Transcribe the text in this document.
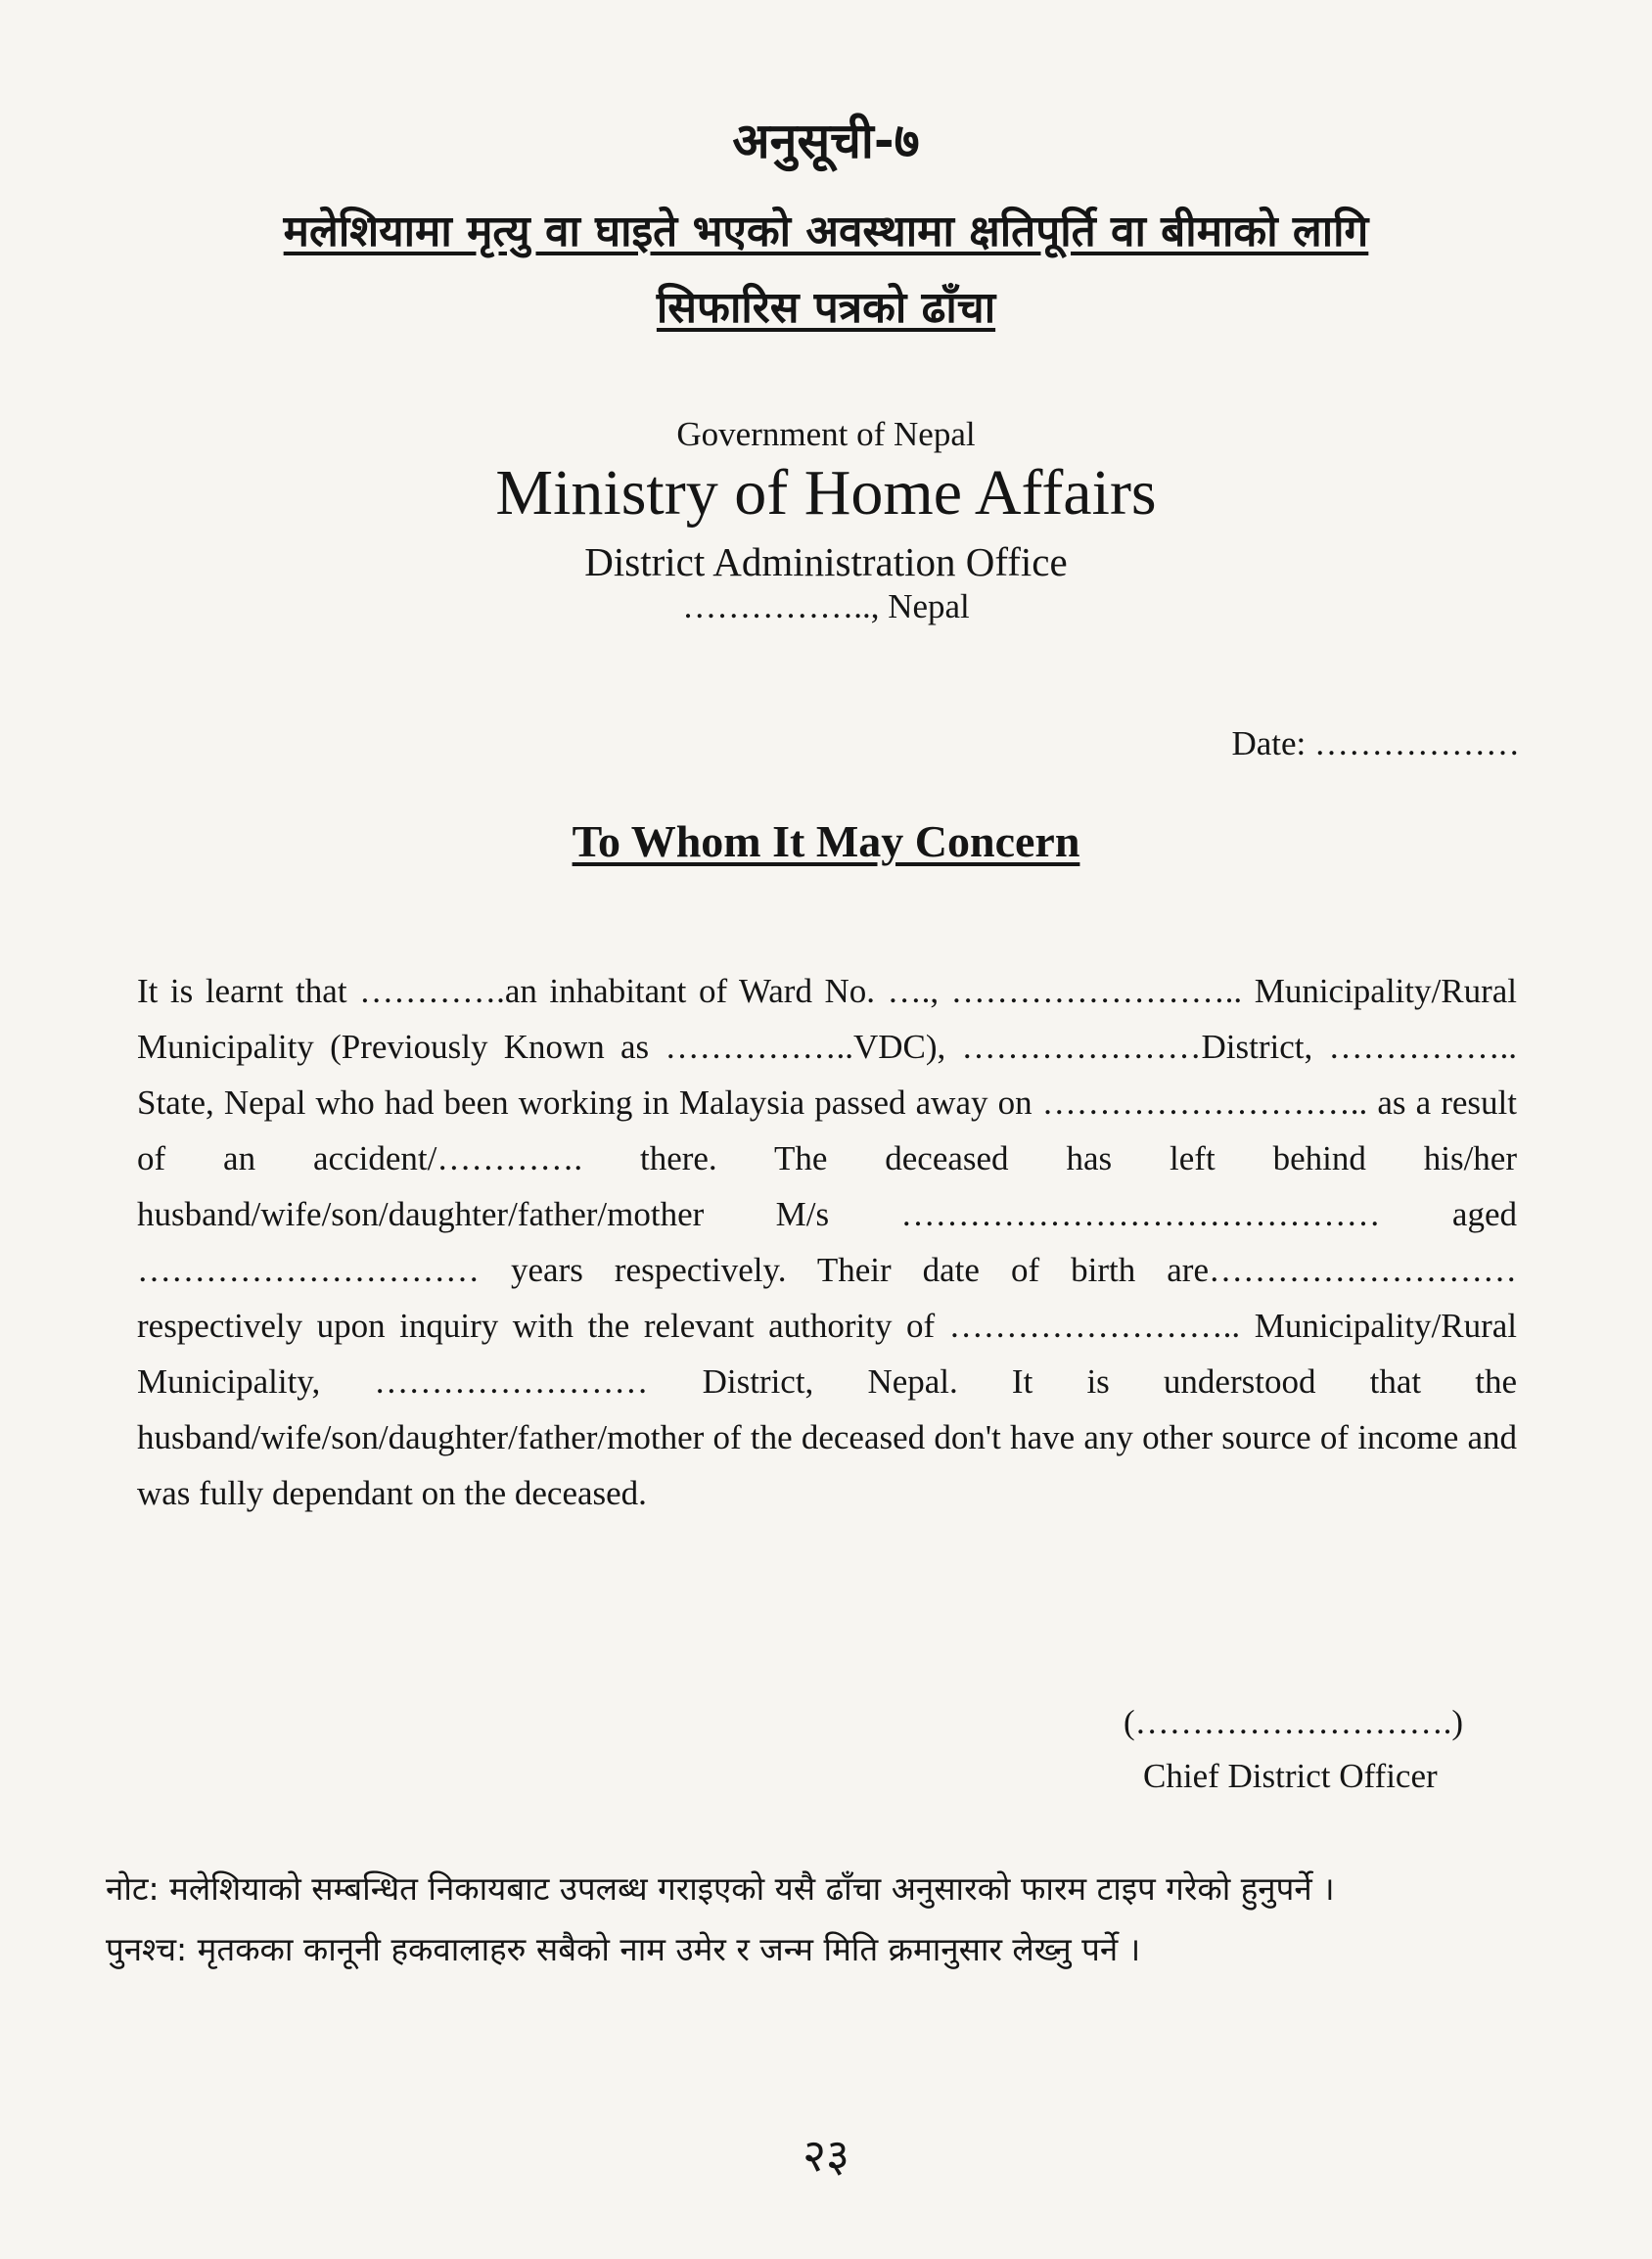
अनुसूची-७
मलेशियामा मृत्यु वा घाइते भएको अवस्थामा क्षतिपूर्ति वा बीमाको लागि
सिफारिस पत्रको ढाँचा
Government of Nepal
Ministry of Home Affairs
District Administration Office
…………….., Nepal
Date: ………………
To Whom It May Concern
It is learnt that ………….an inhabitant of Ward No. …., …………………….. Municipality/Rural Municipality (Previously Known as ……………..VDC), …………………District, …………….. State, Nepal who had been working in Malaysia passed away on ……………………….. as a result of an accident/…………. there. The deceased has left behind his/her husband/wife/son/daughter/father/mother M/s …………………………………… aged ………………………… years respectively. Their date of birth are………………………respectively upon inquiry with the relevant authority of …………………….. Municipality/Rural Municipality, …………………… District, Nepal. It is understood that the husband/wife/son/daughter/father/mother of the deceased don't have any other source of income and was fully dependant on the deceased.
(……………………….)
Chief District Officer
नोट: मलेशियाको सम्बन्धित निकायबाट उपलब्ध गराइएको यसै ढाँचा अनुसारको फारम टाइप गरेको हुनुपर्ने ।
पुनश्च: मृतकका कानूनी हकवालाहरु सबैको नाम उमेर र जन्म मिति क्रमानुसार लेख्नु पर्ने ।
२३
